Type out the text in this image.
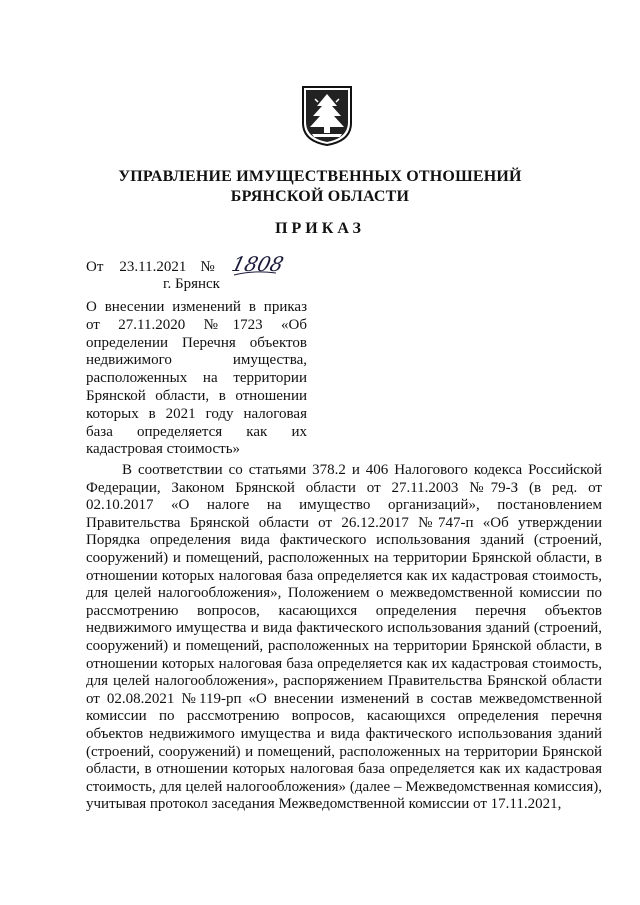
УПРАВЛЕНИЕ ИМУЩЕСТВЕННЫХ ОТНОШЕНИЙ
БРЯНСКОЙ ОБЛАСТИ
ПРИКАЗ
От 23.11.2021 № 1808
г. Брянск
О внесении изменений в приказ от 27.11.2020 №1723 «Об определении Перечня объектов недвижимого имущества, расположенных на территории Брянской области, в отношении которых в 2021 году налоговая база определяется как их кадастровая стоимость»
В соответствии со статьями 378.2 и 406 Налогового кодекса Российской Федерации, Законом Брянской области от 27.11.2003 №79-З (в ред. от 02.10.2017 «О налоге на имущество организаций», постановлением Правительства Брянской области от 26.12.2017 №747-п «Об утверждении Порядка определения вида фактического использования зданий (строений, сооружений) и помещений, расположенных на территории Брянской области, в отношении которых налоговая база определяется как их кадастровая стоимость, для целей налогообложения», Положением о межведомственной комиссии по рассмотрению вопросов, касающихся определения перечня объектов недвижимого имущества и вида фактического использования зданий (строений, сооружений) и помещений, расположенных на территории Брянской области, в отношении которых налоговая база определяется как их кадастровая стоимость, для целей налогообложения», распоряжением Правительства Брянской области от 02.08.2021 №119-рп «О внесении изменений в состав межведомственной комиссии по рассмотрению вопросов, касающихся определения перечня объектов недвижимого имущества и вида фактического использования зданий (строений, сооружений) и помещений, расположенных на территории Брянской области, в отношении которых налоговая база определяется как их кадастровая стоимость, для целей налогообложения» (далее – Межведомственная комиссия), учитывая протокол заседания Межведомственной комиссии от 17.11.2021,
